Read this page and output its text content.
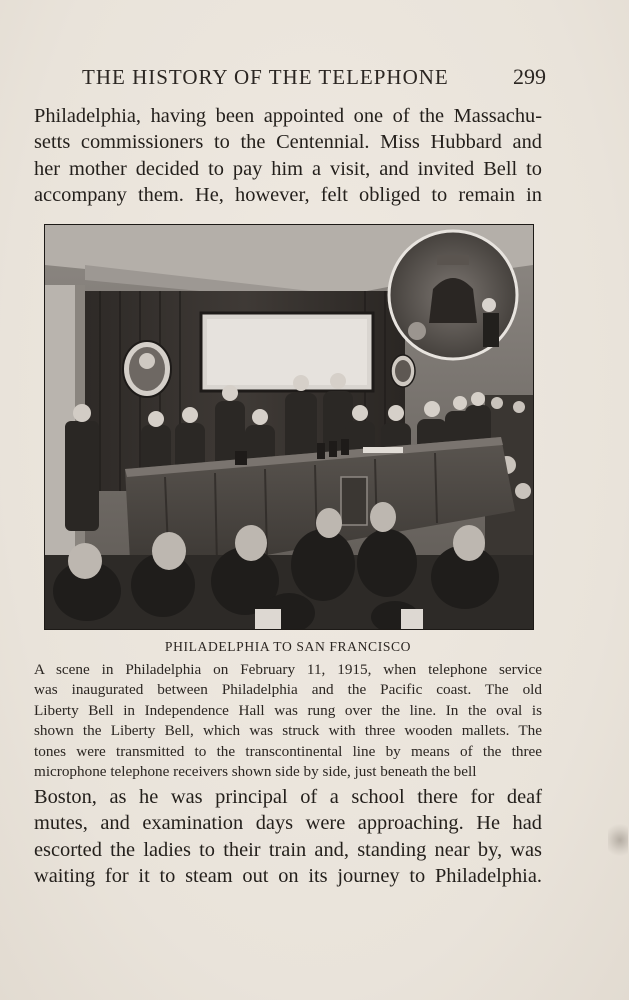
THE HISTORY OF THE TELEPHONE	299
Philadelphia, having been appointed one of the Massachu-
setts commissioners to the Centennial. Miss Hubbard and
her mother decided to pay him a visit, and invited Bell to
accompany them. He, however, felt obliged to remain in
PHILADELPHIA TO SAN FRANCISCO
A scene in Philadelphia on February 11, 1915, when telephone service
was inaugurated between Philadelphia and the Pacific coast. The old
Liberty Bell in Independence Hall was rung over the line. In the oval is
shown the Liberty Bell, which was struck with three wooden mallets. The
tones were transmitted to the transcontinental line by means of the three
microphone telephone receivers shown side by side, just beneath the bell
Boston, as he was principal of a school there for deaf
mutes, and examination days were approaching. He had
escorted the ladies to their train and, standing near by, was
waiting for it to steam out on its journey to Philadelphia.
